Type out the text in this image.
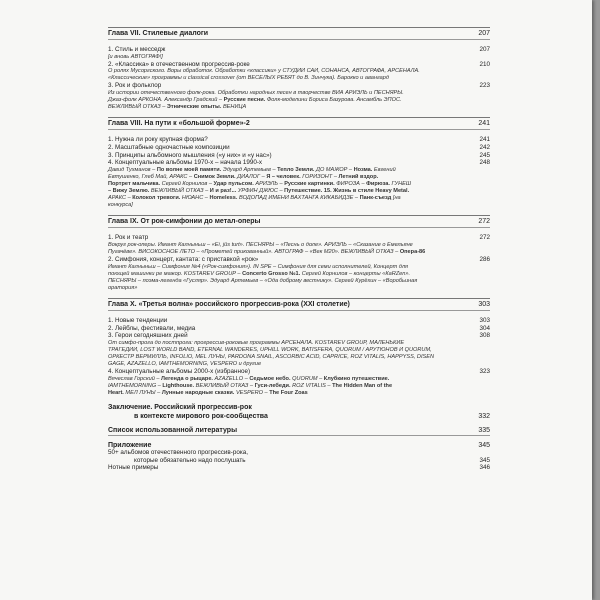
Глава VII. Стилевые диалоги	207
1. Стиль и месседж	207
[и вновь АВТОГРАФ!]
2. «Классика» в отечественном прогрессив-роке	210
О ролях Мусоргского. Воры обработок. Обработки «классики» у СТУДИИ САИ, СОНАНСА, АВТОГРАФА, АРСЕНАЛА.
«Классические» программы и classical crossover (от ВЕСЕЛЫХ РЕБЯТ до В. Зинчука). Барокко и авангард
3. Рок и фольклор	223
Из истории отечественного фолк-рока. Обработки народных песен в творчестве ВИА АРИЭЛЬ и ПЕСНЯРЫ.
Джаз-фолк АРКОНА. Александр Градский – Русские песни. Фолк-моделини Бориса Базурова. Ансамбль ЭПОС.
ВЕЖЛИВЫЙ ОТКАЗ – Этнические опыты. ВЕНИЦА
Глава VIII. На пути к «большой форме»-2	241
1. Нужна ли року крупная форма?	241
2. Масштабные одночастные композиции	242
3. Принципы альбомного мышления («у них» и «у нас»)	245
4. Концептуальные альбомы 1970-х – начала 1990-х	248
Давид Тухманов – По волне моей памяти. Эдуард Артемьев – Тепло Земли. ДО МАЖОР – Нозма. Евгений
Евтушенко, Глеб Май, АРАКС – Снимок Земли. ДИАЛОГ – Я – человек. ГОРИЗОНТ – Летний вздор.
Портрет мальчика. Сергей Корнилов – Удар пульсом. АРИЭЛЬ – Русские картинки. ФИРОЗА – Фирюза. ГУНЕШ
– Вижу Землю. ВЕЖЛИВЫЙ ОТКАЗ – И и раз!... УРФИН ДЖЮС – Путешествие. 15. Жизнь в стиле Heavy Metal.
АРАКС – Колокол тревоги. НЮАНС – Homeless. ВОДОПАД ИМЕНИ ВАХТАНГА КИКАБИДЗЕ – Панк-съезд [на
конкурса]
Глава IX. От рок-симфонии до метал-оперы	272
1. Рок и театр	272
Вокруг рок-оперы. Имант Калныньш – «Ei, jūs turt». ПЕСНЯРЫ – «Песнь о доле». АРИЭЛЬ – «Сказание о Емельяне
Пугачёве». ВИСОКОСНОЕ ЛЕТО – «Прометей прикованный». АВТОГРАФ – «Век М20». ВЕЖЛИВЫЙ ОТКАЗ – Опера-86
2. Симфония, концерт, кантата: с приставкой «рок»	286
Имант Калныньш – Симфония №4 («Рок-симфония»). IN SPE – Симфония для семи исполнителей, Концерт для
поющей машинки ре мажор. KOSTAREV GROUP – Concerto Grosso №1. Сергей Корнилов – концерты «КаRZen».
ПЕСНЯРЫ – поэма-легенда «Гусляр». Эдуард Артемьев – «Ода доброму вестнику». Сергей Курёхин – «Воробьиная
оратория»
Глава X. «Третья волна» российского прогрессив-рока (XXI столетие)	303
1. Новые тенденции	303
2. Лейблы, фестивали, медиа	304
3. Герои сегодняшних дней	308
От симфо-прога до постпрога: прогрессив-роковые программы АРСЕНАЛА. KOSTAREV GROUP, МАЛЕНЬКИЕ
ТРАГЕДИИ, LOST WORLD BAND, ETERNAL WANDERES, UPHILL WORK, BATISFERA, QUORUM / АРУТЮНОВ И QUORUM,
ОРКЕСТР ВЕРМИЛЛЬ, INFOLIO, MEL ЛУНЫ, PARDONA SNAIL, ASCORBIC ACID, CAPRICE, ROZ VITALIS, HAPPYSS, DISEN
GAGE, AZAZELLO, IAMTHEMORNING, VESPERO и другие
4. Концептуальные альбомы 2000-х (избранное)	323
Вячеслав Горский – Легенда о рыцаре. AZAZELLO – Седьмое небо. QUORUM – Клубкино путешествие.
IAMTHEMORNING – Lighthouse. ВЕЖЛИВЫЙ ОТКАЗ – Гуси-лебеди. ROZ VITALIS – The Hidden Man of the
Heart. МЕЛ ЛУНЫ – Лунные народные сказки. VESPERO – The Four Zoas
Заключение. Российский прогрессив-рок
в контексте мирового рок-сообщества	332
Список использованной литературы	335
Приложение	345
50+ альбомов отечественного прогрессив-рока,
которые обязательно надо послушать	345
Нотные примеры	346
